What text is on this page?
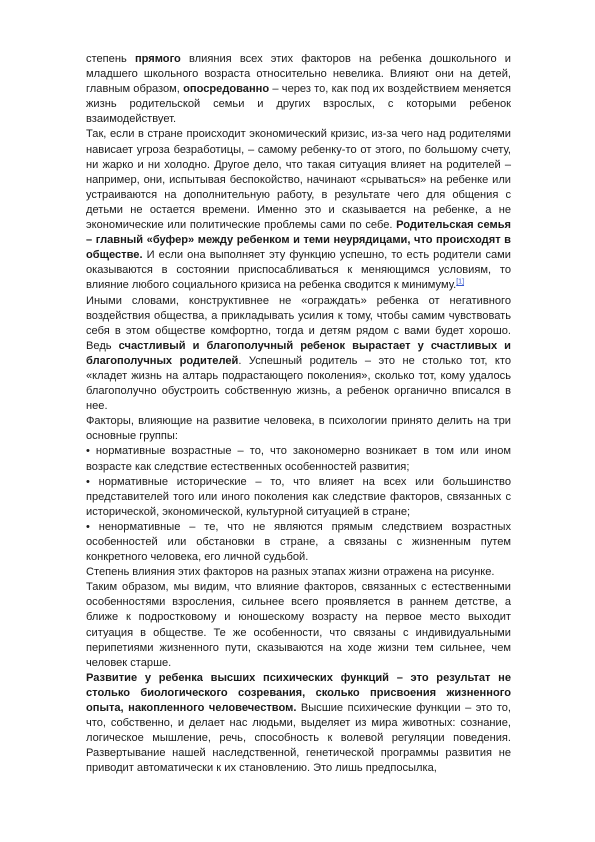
степень прямого влияния всех этих факторов на ребенка дошкольного и младшего школьного возраста относительно невелика. Влияют они на детей, главным образом, опосредованно – через то, как под их воздействием меняется жизнь родительской семьи и других взрослых, с которыми ребенок взаимодействует.

Так, если в стране происходит экономический кризис, из-за чего над родителями нависает угроза безработицы, – самому ребенку-то от этого, по большому счету, ни жарко и ни холодно. Другое дело, что такая ситуация влияет на родителей – например, они, испытывая беспокойство, начинают «срываться» на ребенке или устраиваются на дополнительную работу, в результате чего для общения с детьми не остается времени. Именно это и сказывается на ребенке, а не экономические или политические проблемы сами по себе. Родительская семья – главный «буфер» между ребенком и теми неурядицами, что происходят в обществе. И если она выполняет эту функцию успешно, то есть родители сами оказываются в состоянии приспосабливаться к меняющимся условиям, то влияние любого социального кризиса на ребенка сводится к минимуму.[1]

Иными словами, конструктивнее не «ограждать» ребенка от негативного воздействия общества, а прикладывать усилия к тому, чтобы самим чувствовать себя в этом обществе комфортно, тогда и детям рядом с вами будет хорошо. Ведь счастливый и благополучный ребенок вырастает у счастливых и благополучных родителей. Успешный родитель – это не столько тот, кто «кладет жизнь на алтарь подрастающего поколения», сколько тот, кому удалось благополучно обустроить собственную жизнь, а ребенок органично вписался в нее.

Факторы, влияющие на развитие человека, в психологии принято делить на три основные группы:

• нормативные возрастные – то, что закономерно возникает в том или ином возрасте как следствие естественных особенностей развития;

• нормативные исторические – то, что влияет на всех или большинство представителей того или иного поколения как следствие факторов, связанных с исторической, экономической, культурной ситуацией в стране;

• ненормативные – те, что не являются прямым следствием возрастных особенностей или обстановки в стране, а связаны с жизненным путем конкретного человека, его личной судьбой.

Степень влияния этих факторов на разных этапах жизни отражена на рисунке.

Таким образом, мы видим, что влияние факторов, связанных с естественными особенностями взросления, сильнее всего проявляется в раннем детстве, а ближе к подростковому и юношескому возрасту на первое место выходит ситуация в обществе. Те же особенности, что связаны с индивидуальными перипетиями жизненного пути, сказываются на ходе жизни тем сильнее, чем человек старше.

Развитие у ребенка высших психических функций – это результат не столько биологического созревания, сколько присвоения жизненного опыта, накопленного человечеством. Высшие психические функции – это то, что, собственно, и делает нас людьми, выделяет из мира животных: сознание, логическое мышление, речь, способность к волевой регуляции поведения. Развертывание нашей наследственной, генетической программы развития не приводит автоматически к их становлению. Это лишь предпосылка,
